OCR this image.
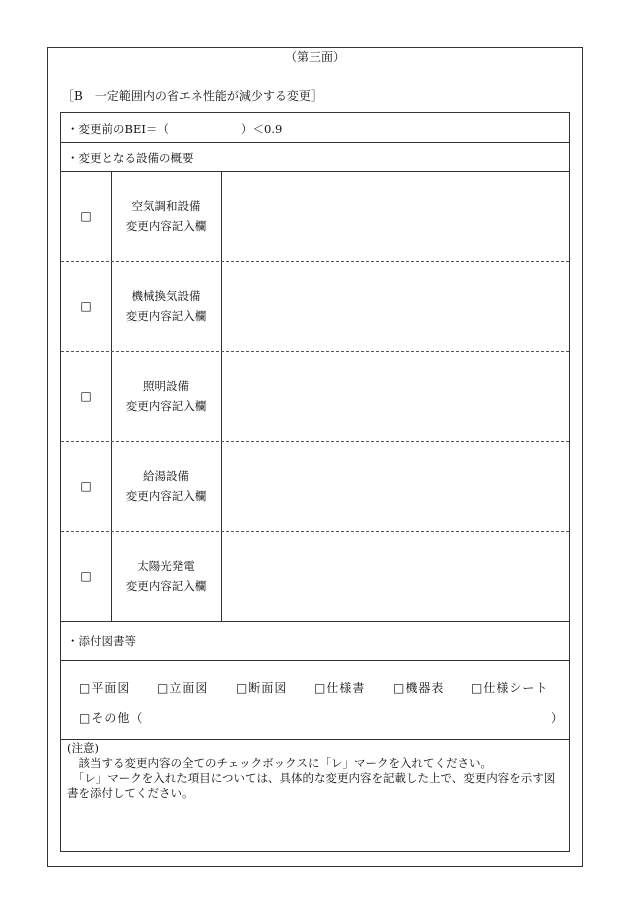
（第三面）
［B　一定範囲内の省エネ性能が減少する変更］
・変更前のBEI＝（	）＜0.9
・変更となる設備の概要
□
空気調和設備
変更内容記入欄
□
機械換気設備
変更内容記入欄
□
照明設備
変更内容記入欄
□
給湯設備
変更内容記入欄
□
太陽光発電
変更内容記入欄
・添付図書等
□平面図 □立面図 □断面図 □仕様書 □機器表 □仕様シート
□その他（	）
(注意)
　該当する変更内容の全てのチェックボックスに「レ」マークを入れてください。
　「レ」マークを入れた項目については、具体的な変更内容を記載した上で、変更内容を示す図
書を添付してください。
